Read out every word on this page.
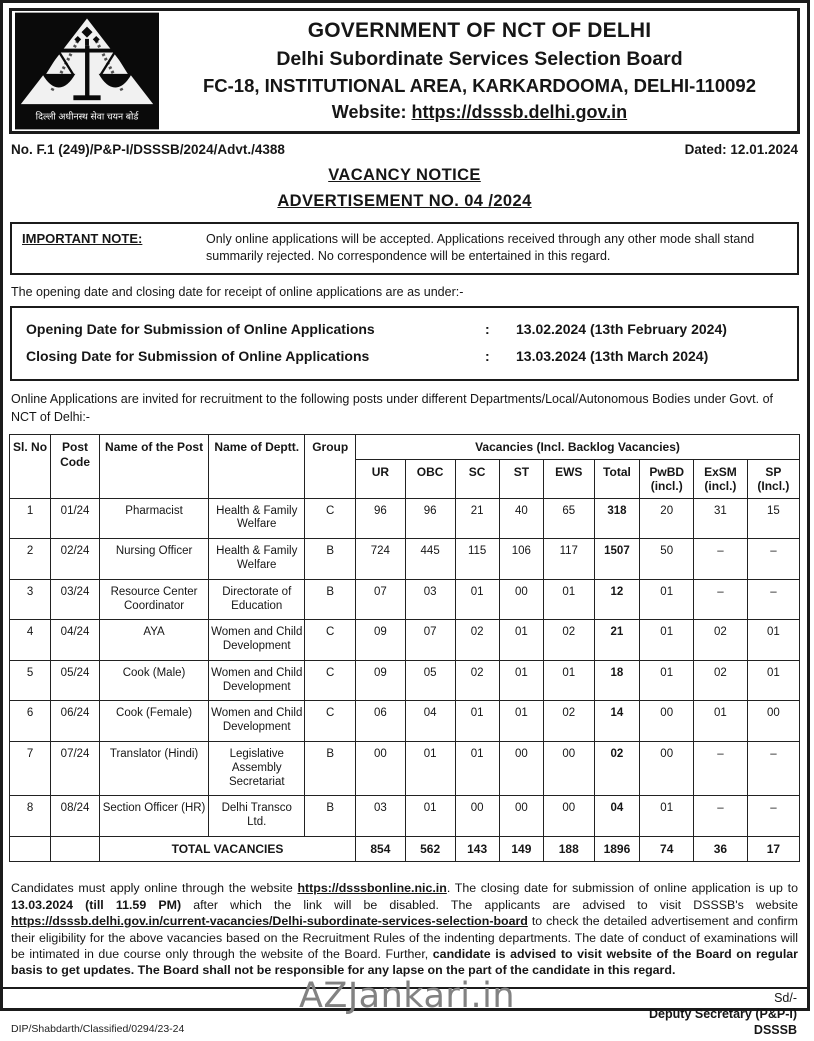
दिल्ली अधीनस्थ सेवा चयन बोर्ड
GOVERNMENT OF NCT OF DELHI
Delhi Subordinate Services Selection Board
FC-18, INSTITUTIONAL AREA, KARKARDOOMA, DELHI-110092
Website: https://dsssb.delhi.gov.in
No. F.1 (249)/P&P-I/DSSSB/2024/Advt./4388	Dated: 12.01.2024
VACANCY NOTICE
ADVERTISEMENT NO. 04 /2024
IMPORTANT NOTE:	Only online applications will be accepted. Applications received through any other mode shall stand summarily rejected. No correspondence will be entertained in this regard.
The opening date and closing date for receipt of online applications are as under:-
Opening Date for Submission of Online Applications	:	13.02.2024 (13th February 2024)
Closing Date for Submission of Online Applications	:	13.03.2024 (13th March 2024)
Online Applications are invited for recruitment to the following posts under different Departments/Local/Autonomous Bodies under Govt. of NCT of Delhi:-
Sl. No	Post Code	Name of the Post	Name of Deptt.	Group	Vacancies (Incl. Backlog Vacancies)								
					UR	OBC	SC	ST	EWS	Total	PwBD (incl.)	ExSM (incl.)	SP (Incl.)
1	01/24	Pharmacist	Health & Family Welfare	C	96	96	21	40	65	318	20	31	15
2	02/24	Nursing Officer	Health & Family Welfare	B	724	445	115	106	117	1507	50	–	–
3	03/24	Resource Center Coordinator	Directorate of Education	B	07	03	01	00	01	12	01	–	–
4	04/24	AYA	Women and Child Development	C	09	07	02	01	02	21	01	02	01
5	05/24	Cook (Male)	Women and Child Development	C	09	05	02	01	01	18	01	02	01
6	06/24	Cook (Female)	Women and Child Development	C	06	04	01	01	02	14	00	01	00
7	07/24	Translator (Hindi)	Legislative Assembly Secretariat	B	00	01	01	00	00	02	00	–	–
8	08/24	Section Officer (HR)	Delhi Transco Ltd.	B	03	01	00	00	00	04	01	–	–
		TOTAL VACANCIES			854	562	143	149	188	1896	74	36	17

Candidates must apply online through the website https://dsssbonline.nic.in. The closing date for submission of online application is up to 13.03.2024 (till 11.59 PM) after which the link will be disabled. The applicants are advised to visit DSSSB's website https://dsssb.delhi.gov.in/current-vacancies/Delhi-subordinate-services-selection-board to check the detailed advertisement and confirm their eligibility for the above vacancies based on the Recruitment Rules of the indenting departments. The date of conduct of examinations will be intimated in due course only through the website of the Board. Further, candidate is advised to visit website of the Board on regular basis to get updates. The Board shall not be responsible for any lapse on the part of the candidate in this regard.

Sd/-
Deputy Secretary (P&P-I)
DSSSB
DIP/Shabdarth/Classified/0294/23-24
AZJankari.in
